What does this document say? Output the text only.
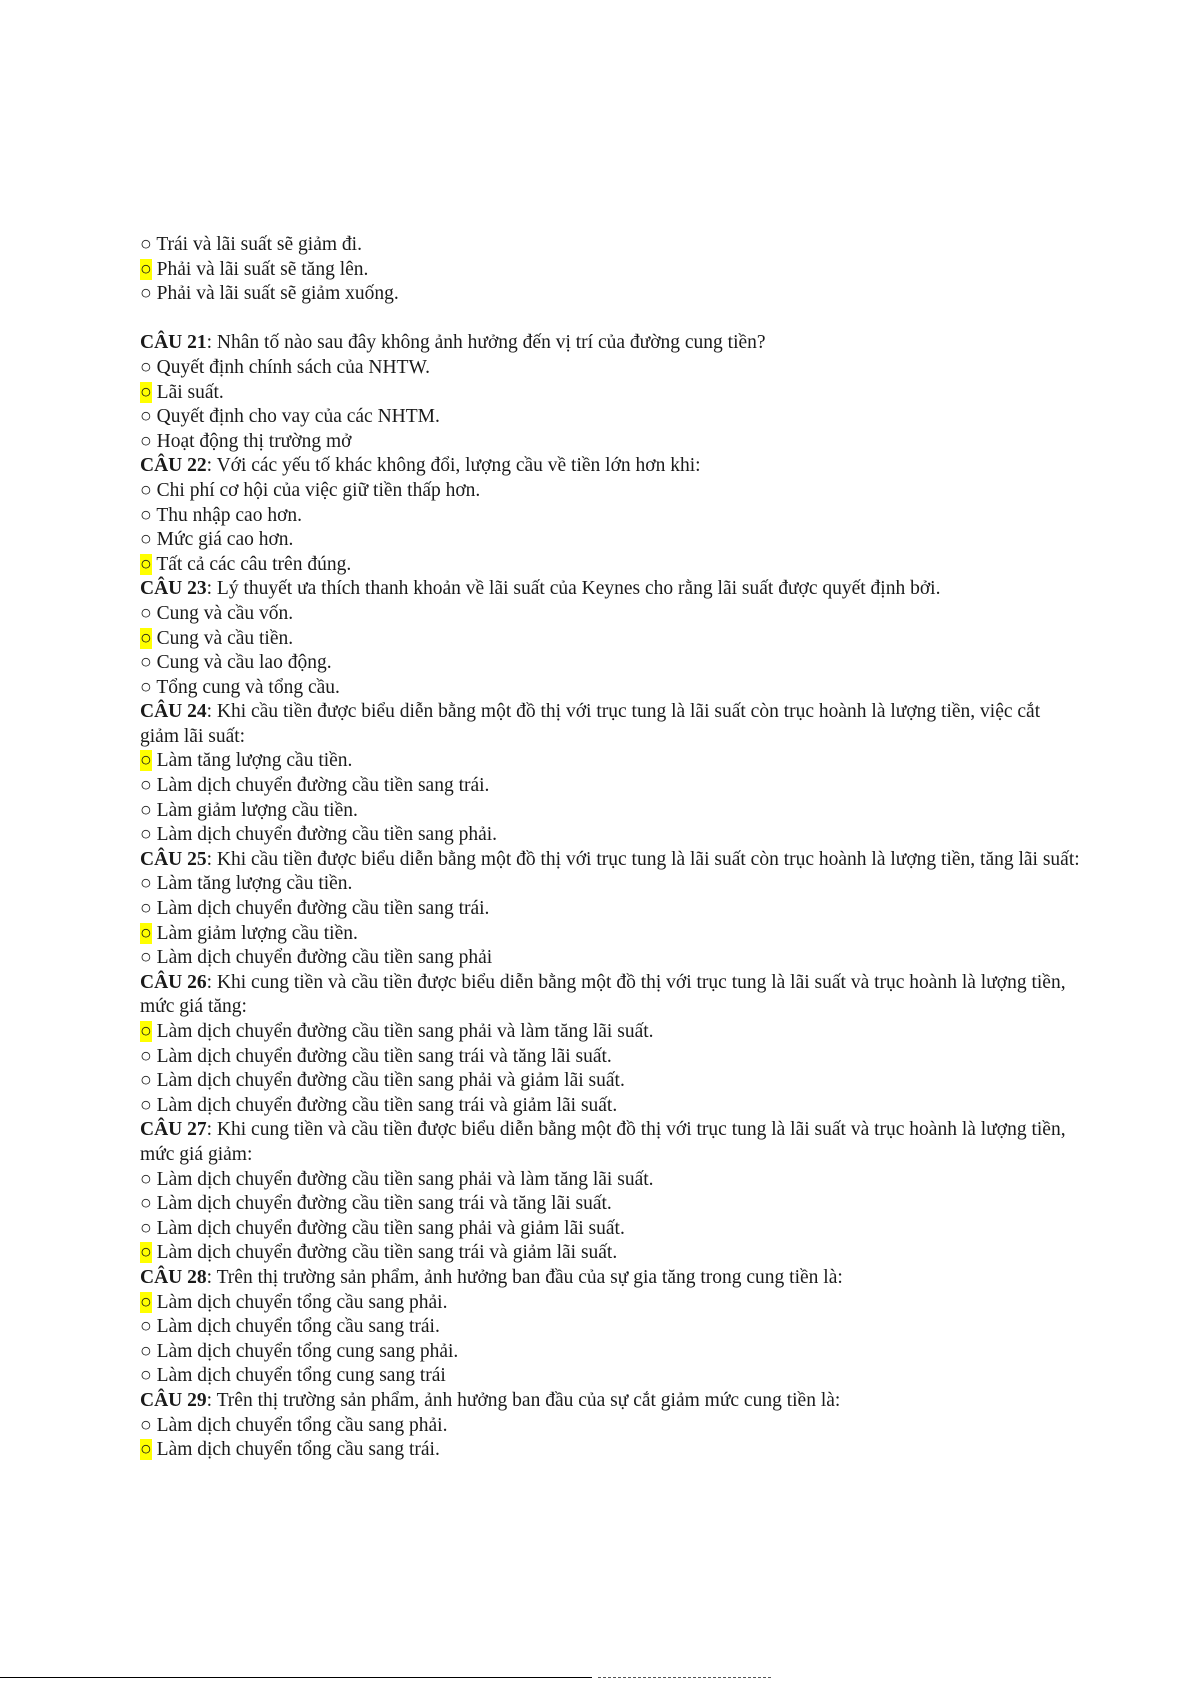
○ Trái và lãi suất sẽ giảm đi.
○ Phải và lãi suất sẽ tăng lên.
○ Phải và lãi suất sẽ giảm xuống.
CÂU 21: Nhân tố nào sau đây không ảnh hưởng đến vị trí của đường cung tiền?
○ Quyết định chính sách của NHTW.
○ Lãi suất.
○ Quyết định cho vay của các NHTM.
○ Hoạt động thị trường mở
CÂU 22: Với các yếu tố khác không đổi, lượng cầu về tiền lớn hơn khi:
○ Chi phí cơ hội của việc giữ tiền thấp hơn.
○ Thu nhập cao hơn.
○ Mức giá cao hơn.
○ Tất cả các câu trên đúng.
CÂU 23: Lý thuyết ưa thích thanh khoản về lãi suất của Keynes cho rằng lãi suất được quyết định bởi.
○ Cung và cầu vốn.
○ Cung và cầu tiền.
○ Cung và cầu lao động.
○ Tổng cung và tổng cầu.
CÂU 24: Khi cầu tiền được biểu diễn bằng một đồ thị với trục tung là lãi suất còn trục hoành là lượng tiền, việc cắt giảm lãi suất:
○ Làm tăng lượng cầu tiền.
○ Làm dịch chuyển đường cầu tiền sang trái.
○ Làm giảm lượng cầu tiền.
○ Làm dịch chuyển đường cầu tiền sang phải.
CÂU 25: Khi cầu tiền được biểu diễn bằng một đồ thị với trục tung là lãi suất còn trục hoành là lượng tiền, tăng lãi suất:
○ Làm tăng lượng cầu tiền.
○ Làm dịch chuyển đường cầu tiền sang trái.
○ Làm giảm lượng cầu tiền.
○ Làm dịch chuyển đường cầu tiền sang phải
CÂU 26: Khi cung tiền và cầu tiền được biểu diễn bằng một đồ thị với trục tung là lãi suất và trục hoành là lượng tiền, mức giá tăng:
○ Làm dịch chuyển đường cầu tiền sang phải và làm tăng lãi suất.
○ Làm dịch chuyển đường cầu tiền sang trái và tăng lãi suất.
○ Làm dịch chuyển đường cầu tiền sang phải và giảm lãi suất.
○ Làm dịch chuyển đường cầu tiền sang trái và giảm lãi suất.
CÂU 27: Khi cung tiền và cầu tiền được biểu diễn bằng một đồ thị với trục tung là lãi suất và trục hoành là lượng tiền, mức giá giảm:
○ Làm dịch chuyển đường cầu tiền sang phải và làm tăng lãi suất.
○ Làm dịch chuyển đường cầu tiền sang trái và tăng lãi suất.
○ Làm dịch chuyển đường cầu tiền sang phải và giảm lãi suất.
○ Làm dịch chuyển đường cầu tiền sang trái và giảm lãi suất.
CÂU 28: Trên thị trường sản phẩm, ảnh hưởng ban đầu của sự gia tăng trong cung tiền là:
○ Làm dịch chuyển tổng cầu sang phải.
○ Làm dịch chuyển tổng cầu sang trái.
○ Làm dịch chuyển tổng cung sang phải.
○ Làm dịch chuyển tổng cung sang trái
CÂU 29: Trên thị trường sản phẩm, ảnh hưởng ban đầu của sự cắt giảm mức cung tiền là:
○ Làm dịch chuyển tổng cầu sang phải.
○ Làm dịch chuyển tổng cầu sang trái.
